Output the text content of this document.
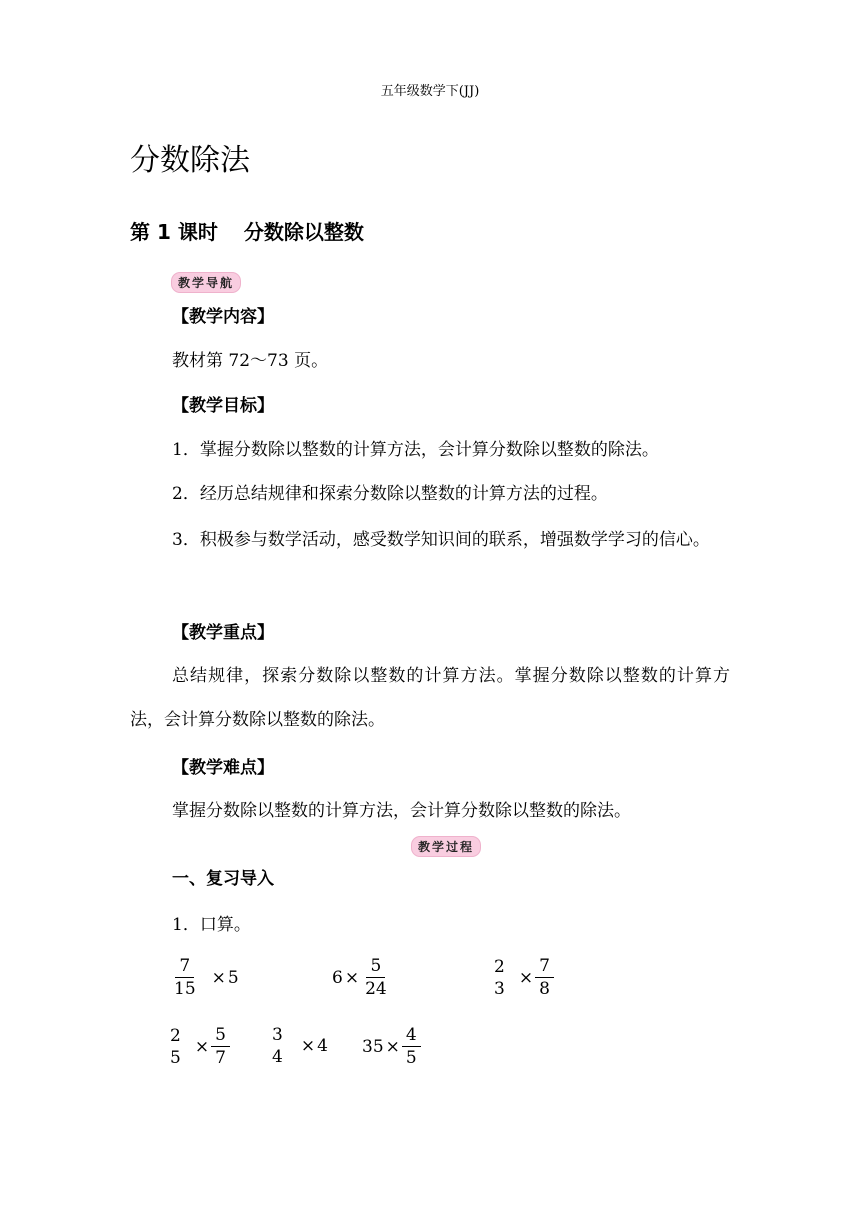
五年级数学下(JJ)
分数除法
第 1 课时 分数除以整数
教学导航
【教学内容】
教材第 72～73 页。
【教学目标】
1．掌握分数除以整数的计算方法，会计算分数除以整数的除法。
2．经历总结规律和探索分数除以整数的计算方法的过程。
3．积极参与数学活动，感受数学知识间的联系，增强数学学习的信心。
【教学重点】
总结规律，探索分数除以整数的计算方法。掌握分数除以整数的计算方法，会计算分数除以整数的除法。
【教学难点】
掌握分数除以整数的计算方法，会计算分数除以整数的除法。
教学过程
一、复习导入
1．口算。
$\frac{7}{15} \times 5$	$6 \times \frac{5}{24}$	2
3
× $\frac{7}{8}$
2
5
× $\frac{5}{7} 3$
4
× 4 $35 \times \frac{4}{5}$
